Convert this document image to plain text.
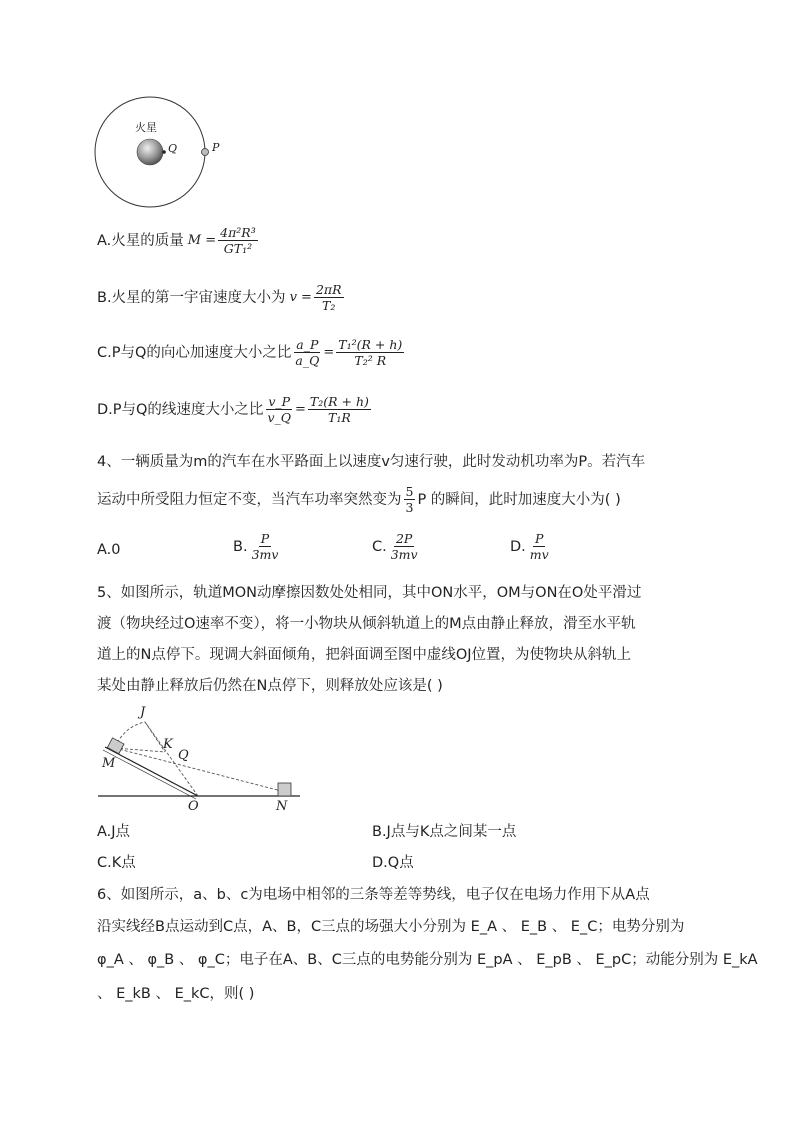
火星
Q	P
A.火星的质量 $M = \frac{\text{4π²R³}}{\text{GT₁²}}$
B.火星的第一宇宙速度大小为 $v = \frac{2\pi R}{\text{T₂}}$
C.P与Q的向心加速度大小之比 $\frac{a\_P}{a\_Q} = \frac{\text{T₁²(R + h)}}{\text{T₂² R}}$
D.P与Q的线速度大小之比 $\frac{v\_P}{v\_Q} = \frac{\text{T₂(R + h)}}{\text{T₁R}}$
4、一辆质量为m的汽车在水平路面上以速度v匀速行驶，此时发动机功率为P。若汽车
运动中所受阻力恒定不变，当汽车功率突然变为 $\frac{5}{3}$ P 的瞬间，此时加速度大小为( )
A.0	B. $\frac{P}{3mv}$	C. $\frac{2P}{3mv}$	D. $\frac{P}{mv}$
5、如图所示，轨道MON动摩擦因数处处相同，其中ON水平，OM与ON在O处平滑过
渡（物块经过O速率不变），将一小物块从倾斜轨道上的M点由静止释放，滑至水平轨
道上的N点停下。现调大斜面倾角，把斜面调至图中虚线OJ位置，为使物块从斜轨上
某处由静止释放后仍然在N点停下，则释放处应该是( )
J
K
Q
M
O	N
A.J点	B.J点与K点之间某一点
C.K点	D.Q点
6、如图所示，a、b、c为电场中相邻的三条等差等势线，电子仅在电场力作用下从A点
沿实线经B点运动到C点，A、B，C三点的场强大小分别为 E_A 、 E_B 、 E_C；电势分别为
φ_A 、 φ_B 、 φ_C；电子在A、B、C三点的电势能分别为 E_pA 、 E_pB 、 E_pC；动能分别为 E_kA
、 E_kB 、 E_kC，则( )
